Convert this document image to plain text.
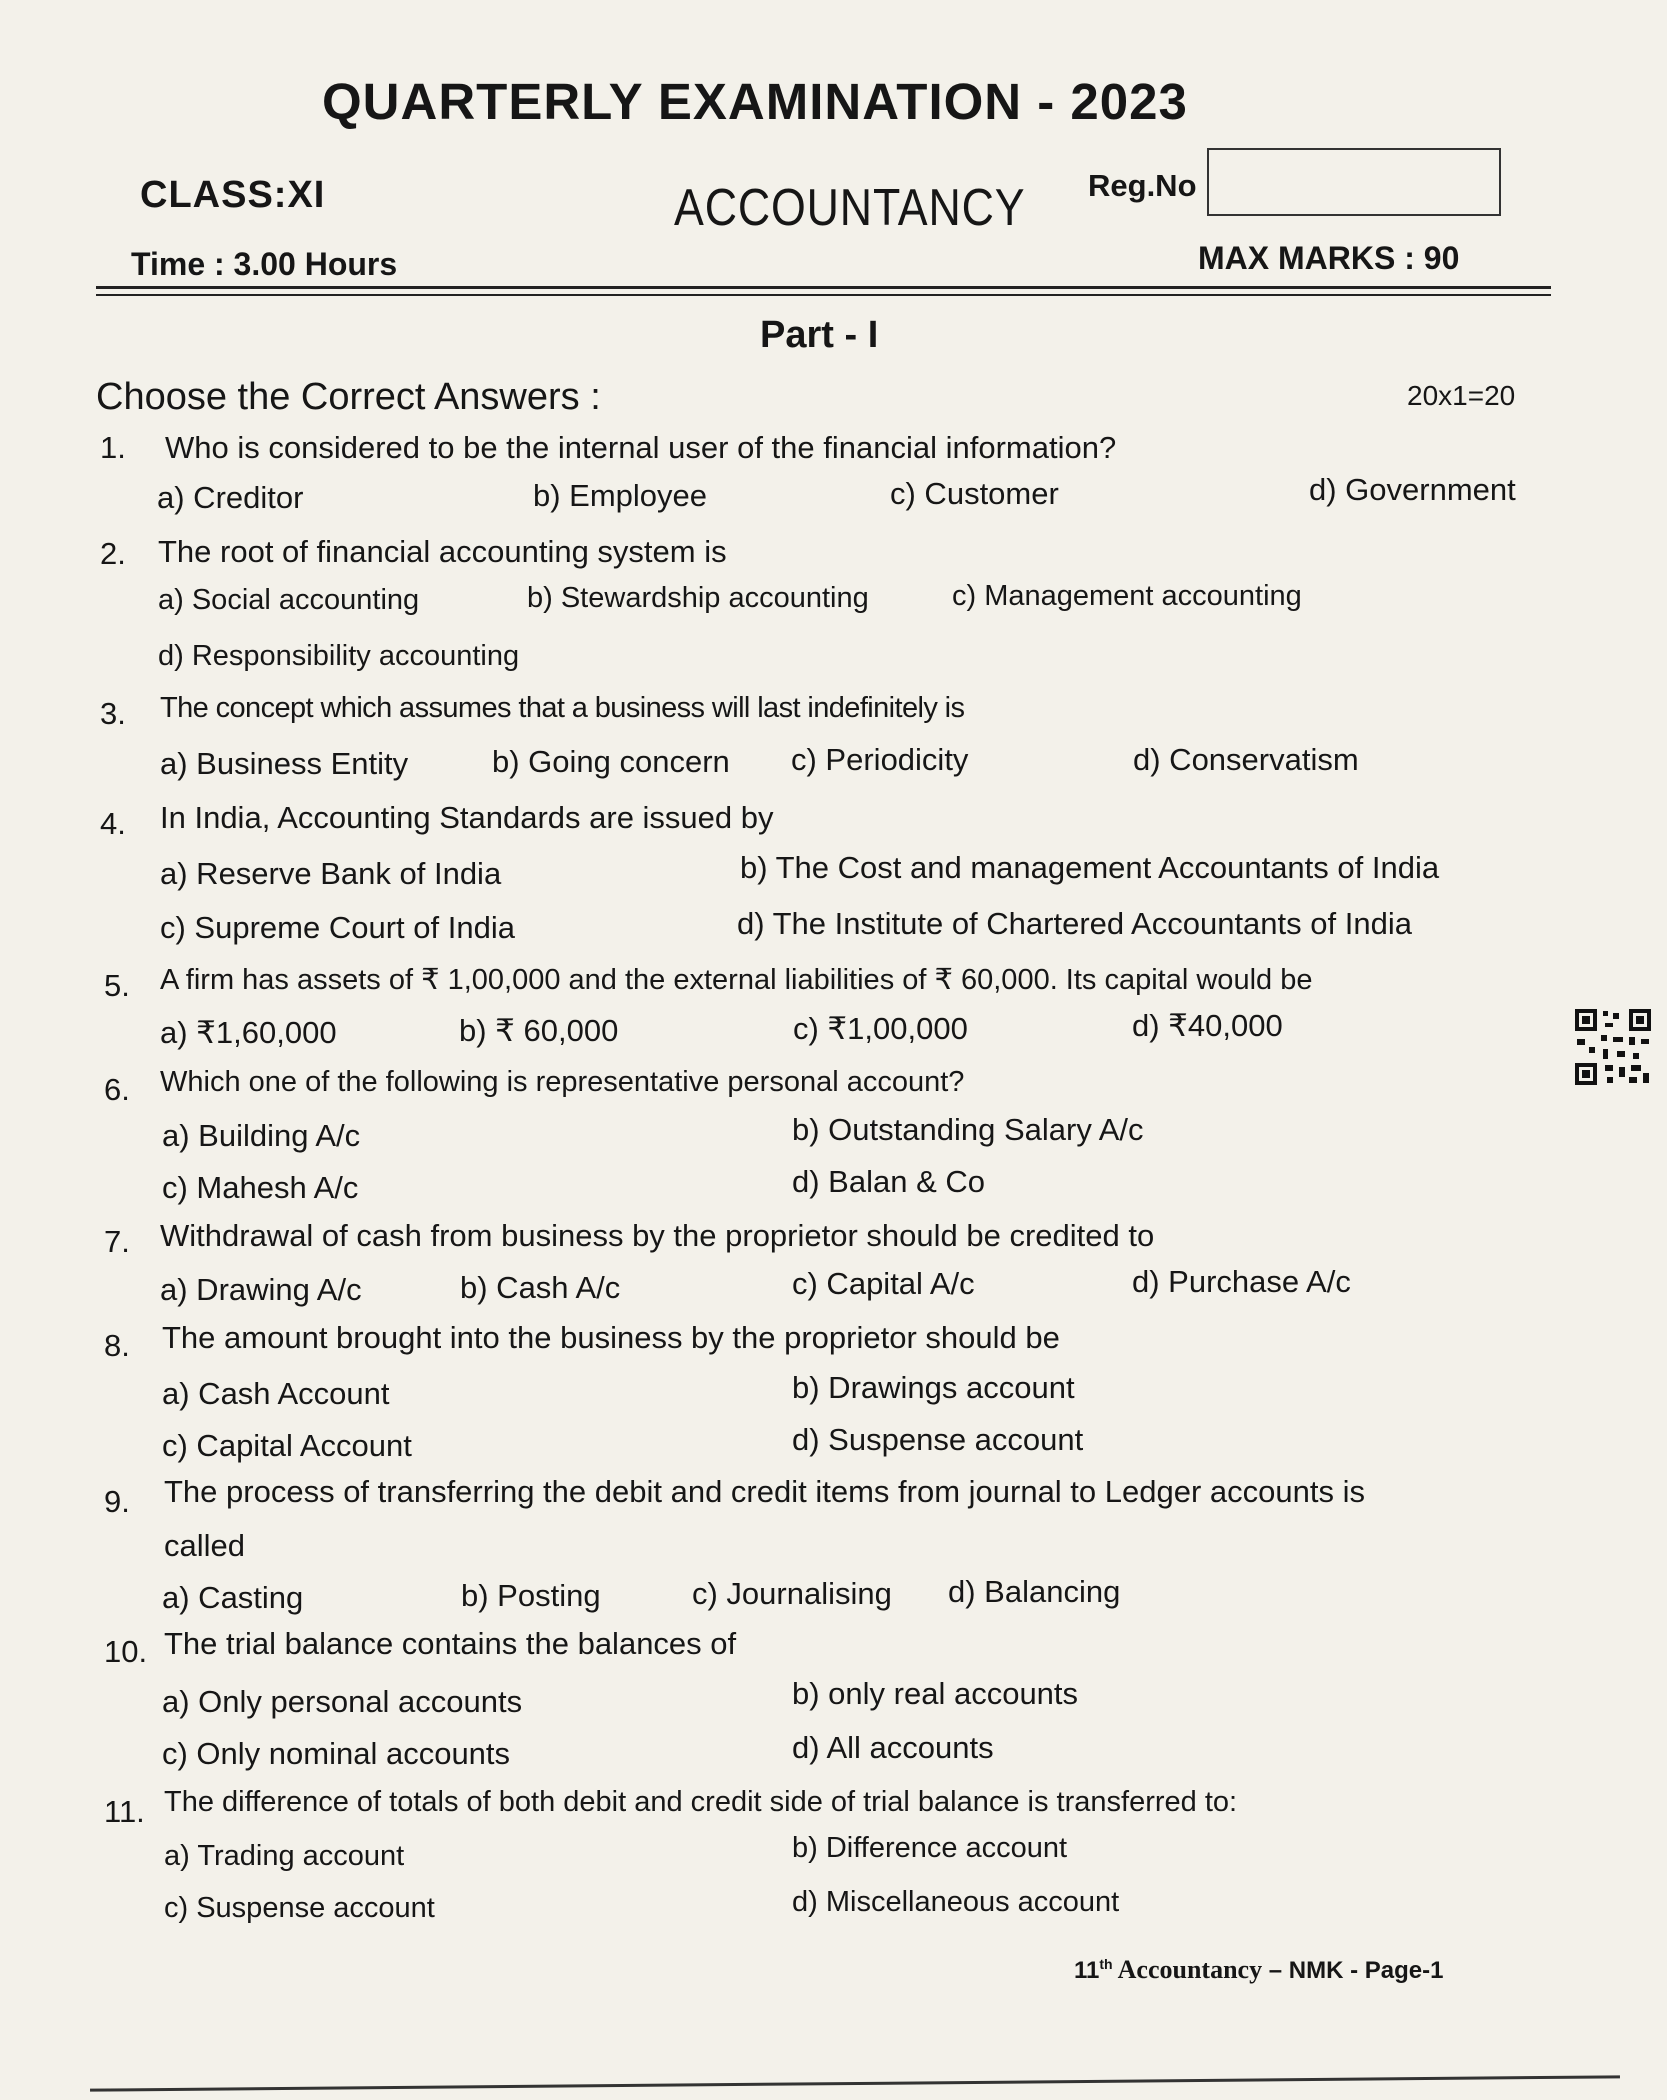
QUARTERLY EXAMINATION - 2023
CLASS:XI	ACCOUNTANCY Reg.No
Time : 3.00 Hours	MAX MARKS : 90
Part - I
Choose the Correct Answers :	20x1=20
1. Who is considered to be the internal user of the financial information?
a) Creditor	b) Employee	c) Customer	d) Government
2. The root of financial accounting system is
a) Social accounting	b) Stewardship accounting	c) Management accounting
d) Responsibility accounting
3. The concept which assumes that a business will last indefinitely is
a) Business Entity	b) Going concern c) Periodicity	d) Conservatism
4. In India, Accounting Standards are issued by
a) Reserve Bank of India	b) The Cost and management Accountants of India
c) Supreme Court of India	d) The Institute of Chartered Accountants of India
5. A firm has assets of ₹ 1,00,000 and the external liabilities of ₹ 60,000. Its capital would be
a) ₹1,60,000	b) ₹ 60,000	c) ₹1,00,000	d) ₹40,000
6. Which one of the following is representative personal account?
a) Building A/c	b) Outstanding Salary A/c
c) Mahesh A/c	d) Balan & Co
7. Withdrawal of cash from business by the proprietor should be credited to
a) Drawing A/c	b) Cash A/c	c) Capital A/c	d) Purchase A/c
8. The amount brought into the business by the proprietor should be
a) Cash Account	b) Drawings account
c) Capital Account	d) Suspense account
9. The process of transferring the debit and credit items from journal to Ledger accounts is
called
a) Casting	b) Posting	c) Journalising d) Balancing
10. The trial balance contains the balances of
a) Only personal accounts	b) only real accounts
c) Only nominal accounts	d) All accounts
11. The difference of totals of both debit and credit side of trial balance is transferred to:
a) Trading account	b) Difference account
c) Suspense account	d) Miscellaneous account
11th Accountancy – NMK - Page-1
